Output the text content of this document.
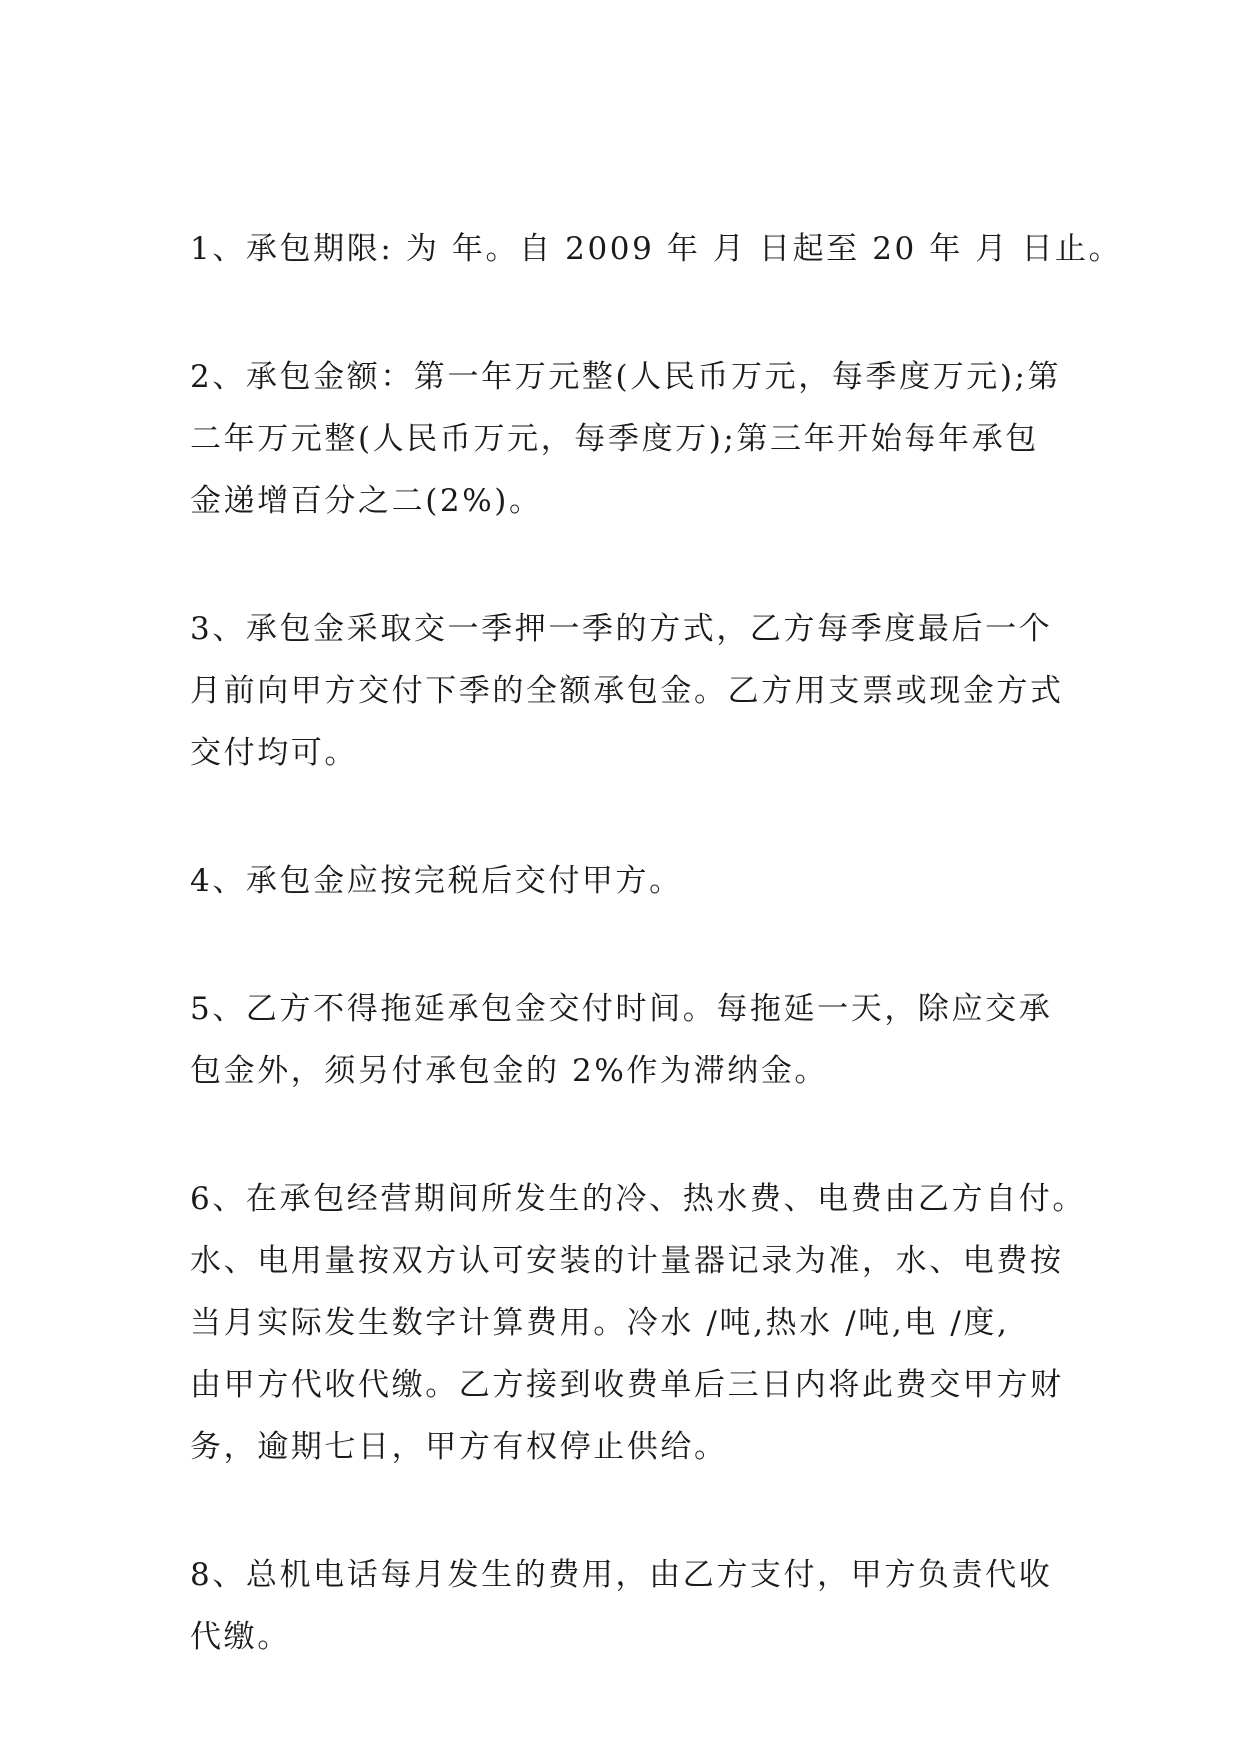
1、承包期限: 为 年。自 2009 年 月 日起至 20 年 月 日止。
2、承包金额：第一年万元整(人民币万元，每季度万元);第
二年万元整(人民币万元，每季度万);第三年开始每年承包
金递增百分之二(2%)。
3、承包金采取交一季押一季的方式，乙方每季度最后一个
月前向甲方交付下季的全额承包金。乙方用支票或现金方式
交付均可。
4、承包金应按完税后交付甲方。
5、乙方不得拖延承包金交付时间。每拖延一天，除应交承
包金外，须另付承包金的 2%作为滞纳金。
6、在承包经营期间所发生的冷、热水费、电费由乙方自付。
水、电用量按双方认可安装的计量器记录为准，水、电费按
当月实际发生数字计算费用。冷水 /吨,热水 /吨,电 /度,
由甲方代收代缴。乙方接到收费单后三日内将此费交甲方财
务，逾期七日，甲方有权停止供给。
8、总机电话每月发生的费用，由乙方支付，甲方负责代收
代缴。
